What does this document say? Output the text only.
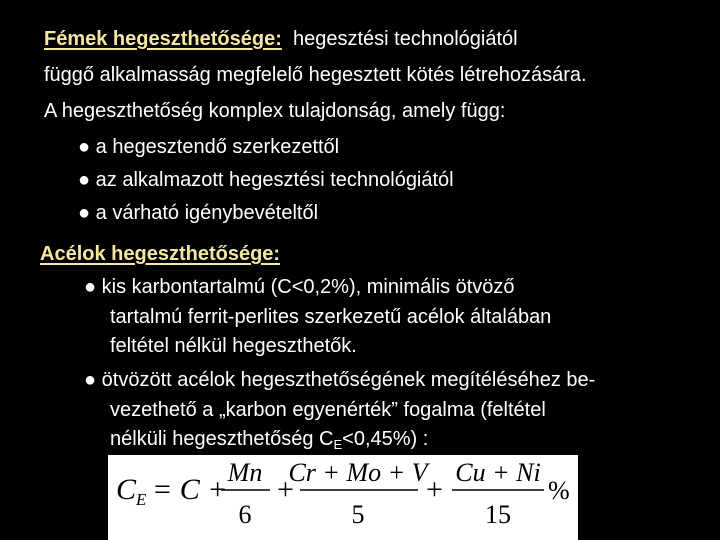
Fémek hegeszthetősége:  hegesztési technológiától
függő alkalmasság megfelelő hegesztett kötés létrehozására.
A hegeszthetőség komplex tulajdonság, amely függ:
● a hegesztendő szerkezettől
● az alkalmazott hegesztési technológiától
● a várható igénybevételtől
Acélok hegeszthetősége:
● kis karbontartalmú (C<0,2%), minimális ötvöző
tartalmú ferrit-perlites szerkezetű acélok általában
feltétel nélkül hegeszthetők.
● ötvözött acélok hegeszthetőségének megítéléséhez be-
vezethető a „karbon egyenérték” fogalma (feltétel
nélküli hegeszthetőség $C_E<0,45\%$) :
C E = C +
Mn
6
+
Cr + Mo + V
5
+
Cu + Ni
15
%
